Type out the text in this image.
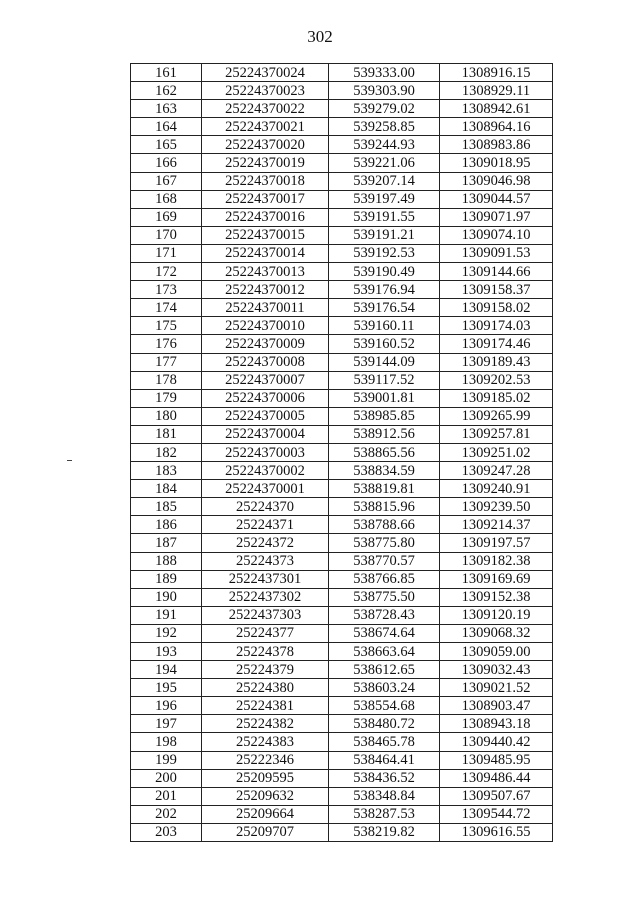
302
161	25224370024	539333.00	1308916.15
162	25224370023	539303.90	1308929.11
163	25224370022	539279.02	1308942.61
164	25224370021	539258.85	1308964.16
165	25224370020	539244.93	1308983.86
166	25224370019	539221.06	1309018.95
167	25224370018	539207.14	1309046.98
168	25224370017	539197.49	1309044.57
169	25224370016	539191.55	1309071.97
170	25224370015	539191.21	1309074.10
171	25224370014	539192.53	1309091.53
172	25224370013	539190.49	1309144.66
173	25224370012	539176.94	1309158.37
174	25224370011	539176.54	1309158.02
175	25224370010	539160.11	1309174.03
176	25224370009	539160.52	1309174.46
177	25224370008	539144.09	1309189.43
178	25224370007	539117.52	1309202.53
179	25224370006	539001.81	1309185.02
180	25224370005	538985.85	1309265.99
181	25224370004	538912.56	1309257.81
182	25224370003	538865.56	1309251.02
183	25224370002	538834.59	1309247.28
184	25224370001	538819.81	1309240.91
185	25224370	538815.96	1309239.50
186	25224371	538788.66	1309214.37
187	25224372	538775.80	1309197.57
188	25224373	538770.57	1309182.38
189	2522437301	538766.85	1309169.69
190	2522437302	538775.50	1309152.38
191	2522437303	538728.43	1309120.19
192	25224377	538674.64	1309068.32
193	25224378	538663.64	1309059.00
194	25224379	538612.65	1309032.43
195	25224380	538603.24	1309021.52
196	25224381	538554.68	1308903.47
197	25224382	538480.72	1308943.18
198	25224383	538465.78	1309440.42
199	25222346	538464.41	1309485.95
200	25209595	538436.52	1309486.44
201	25209632	538348.84	1309507.67
202	25209664	538287.53	1309544.72
203	25209707	538219.82	1309616.55
